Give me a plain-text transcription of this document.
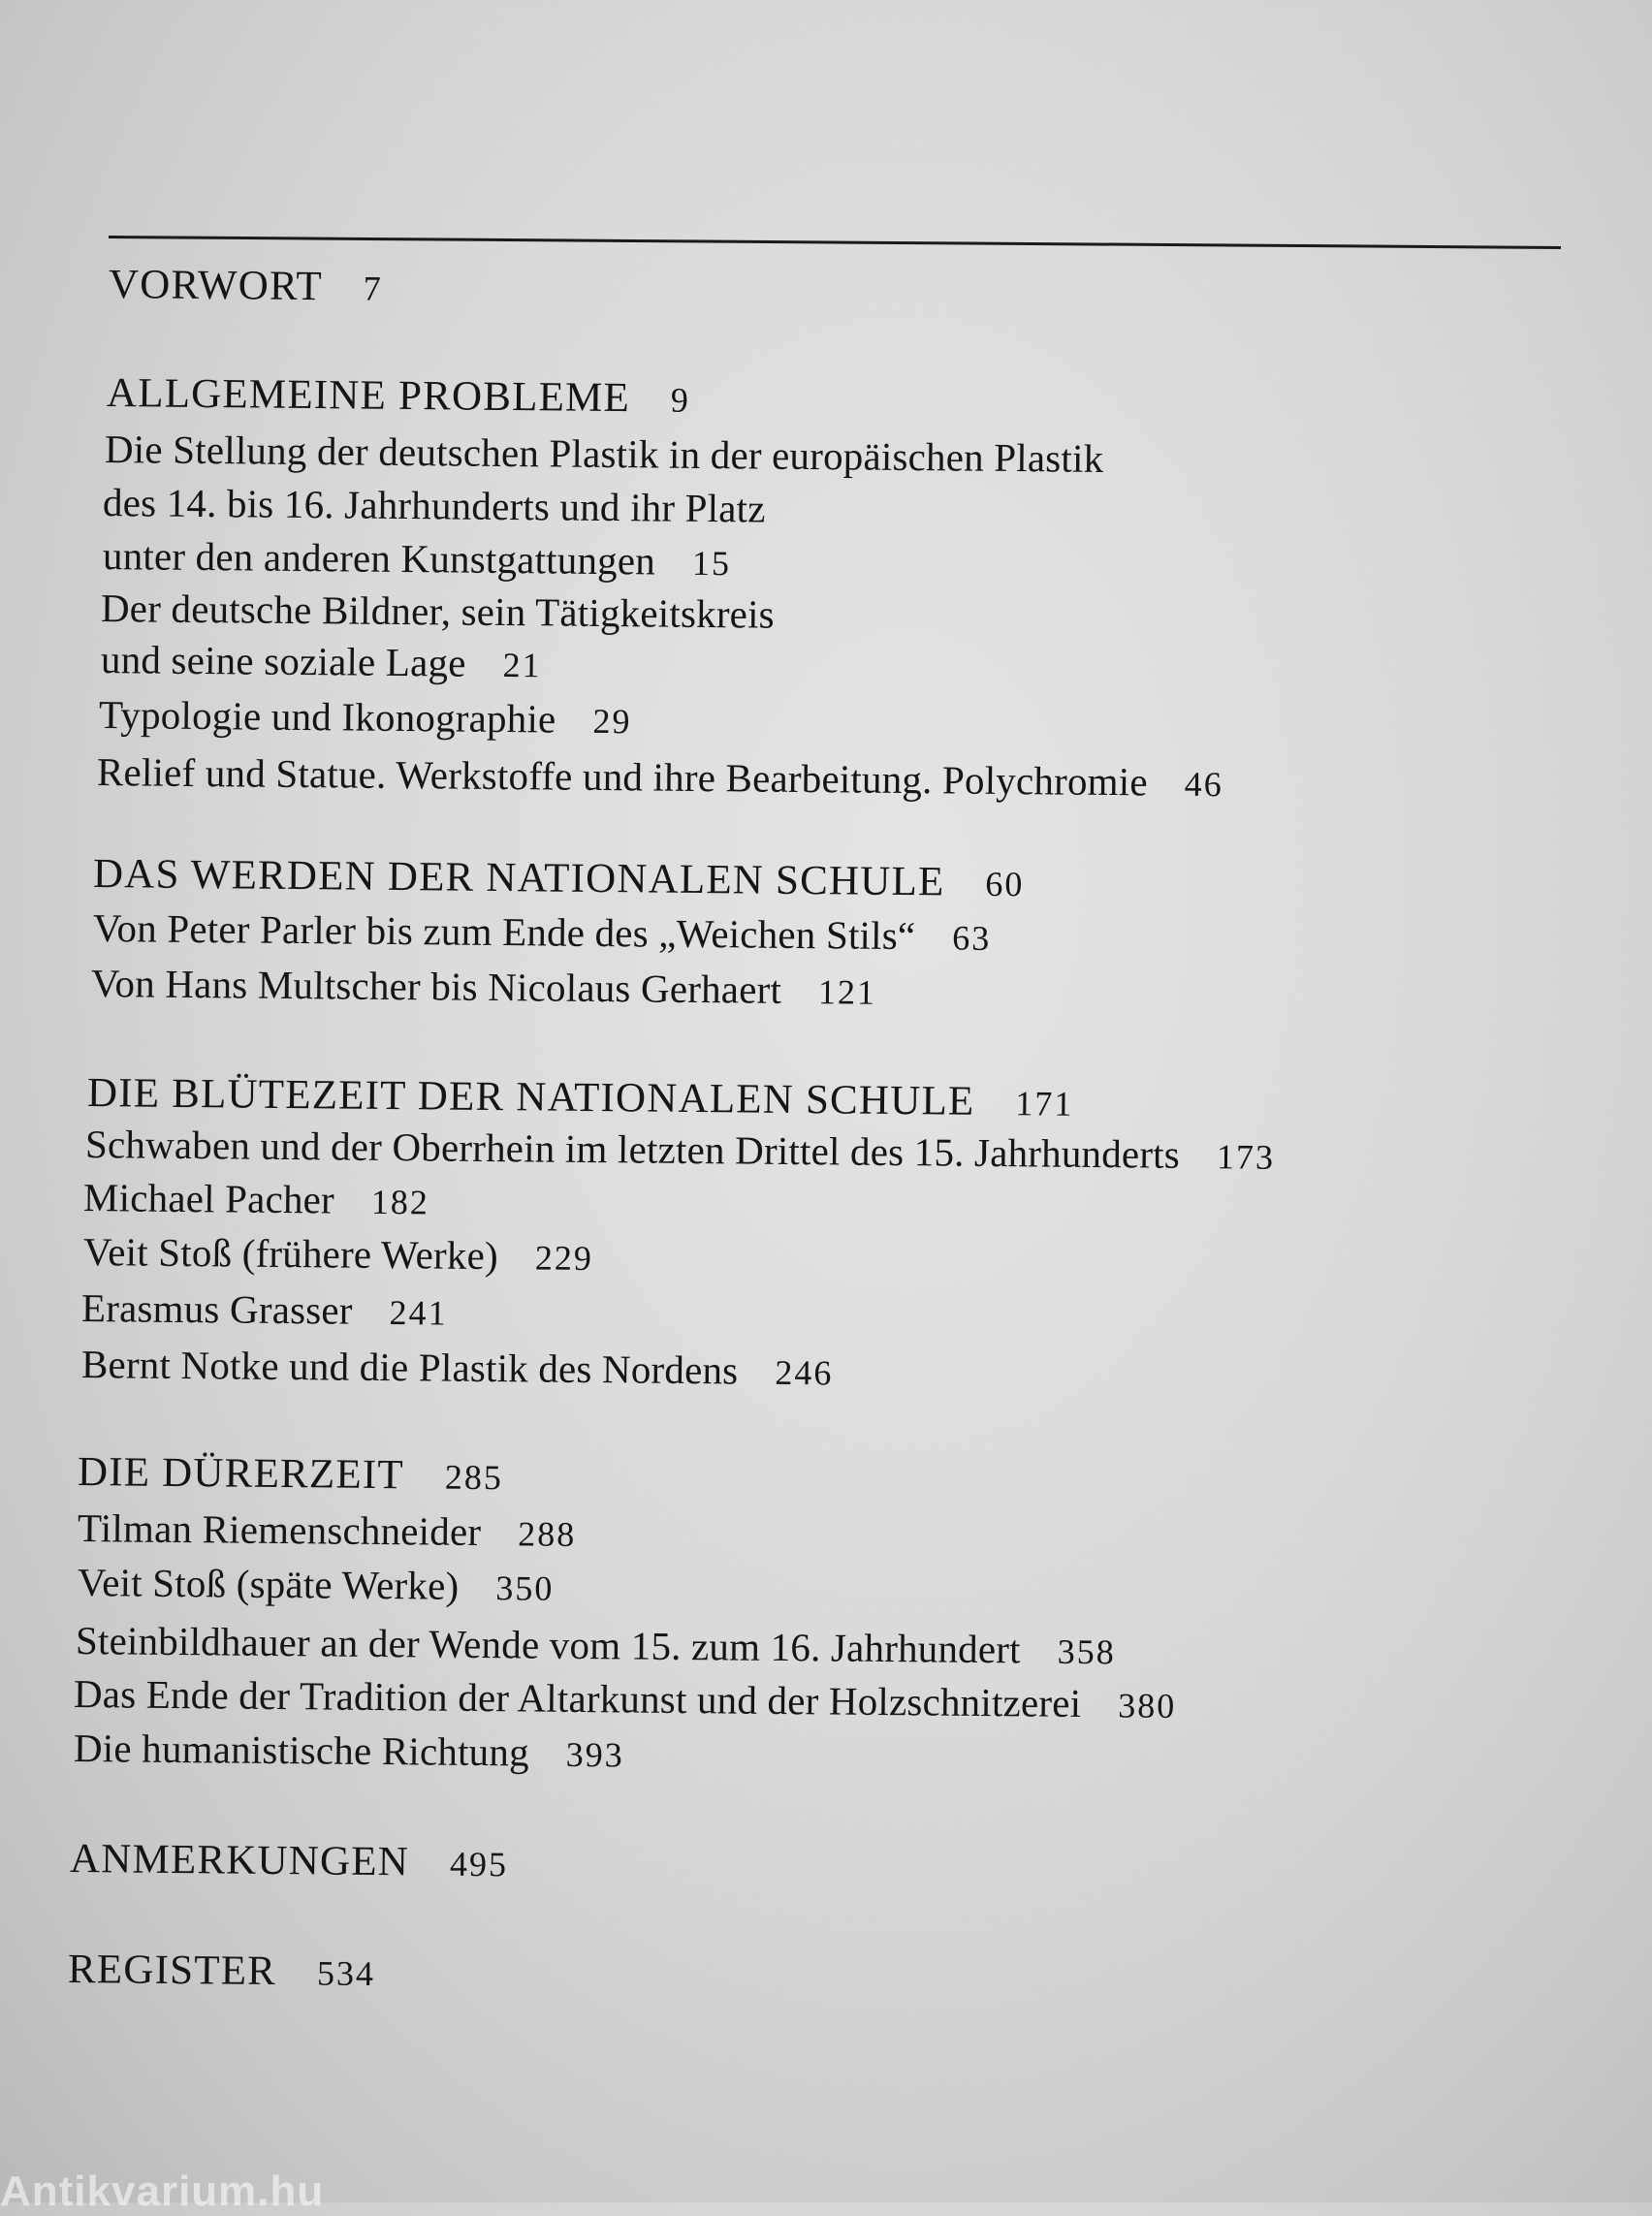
VORWORT 7
ALLGEMEINE PROBLEME 9
Die Stellung der deutschen Plastik in der europäischen Plastik
des 14. bis 16. Jahrhunderts und ihr Platz
unter den anderen Kunstgattungen 15
Der deutsche Bildner, sein Tätigkeitskreis
und seine soziale Lage 21
Typologie und Ikonographie 29
Relief und Statue. Werkstoffe und ihre Bearbeitung. Polychromie 46
DAS WERDEN DER NATIONALEN SCHULE 60
Von Peter Parler bis zum Ende des „Weichen Stils“ 63
Von Hans Multscher bis Nicolaus Gerhaert 121
DIE BLÜTEZEIT DER NATIONALEN SCHULE 171
Schwaben und der Oberrhein im letzten Drittel des 15. Jahrhunderts 173
Michael Pacher 182
Veit Stoß (frühere Werke) 229
Erasmus Grasser 241
Bernt Notke und die Plastik des Nordens 246
DIE DÜRERZEIT 285
Tilman Riemenschneider 288
Veit Stoß (späte Werke) 350
Steinbildhauer an der Wende vom 15. zum 16. Jahrhundert 358
Das Ende der Tradition der Altarkunst und der Holzschnitzerei 380
Die humanistische Richtung 393
ANMERKUNGEN 495
REGISTER 534
Antikvarium.hu
